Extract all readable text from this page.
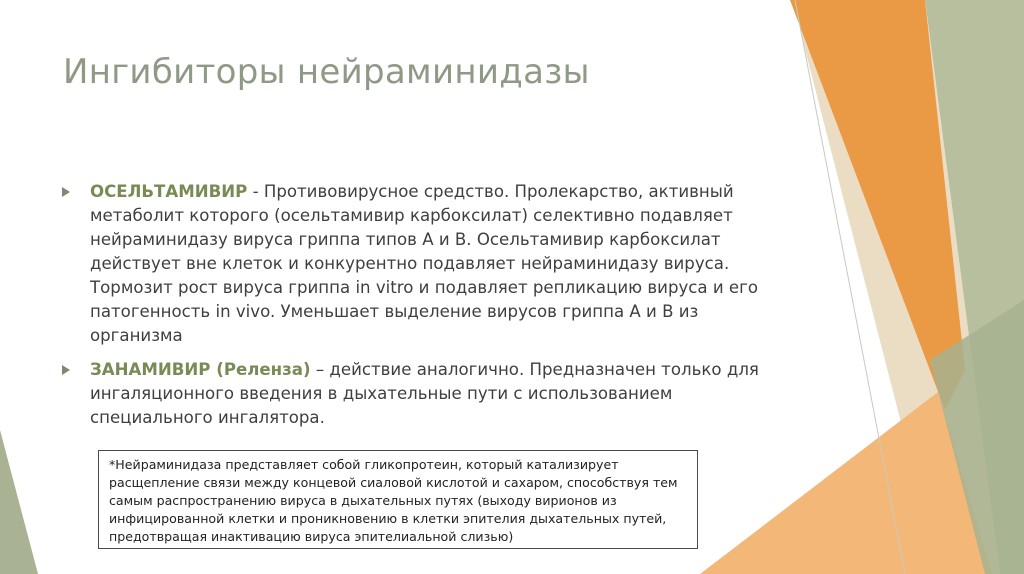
Ингибиторы нейраминидазы
ОСЕЛЬТАМИВИР - Противовирусное средство. Пролекарство, активный метаболит которого (осельтамивир карбоксилат) селективно подавляет нейраминидазу вируса гриппа типов А и В. Осельтамивир карбоксилат действует вне клеток и конкурентно подавляет нейраминидазу вируса. Тормозит рост вируса гриппа in vitro и подавляет репликацию вируса и его патогенность in vivo. Уменьшает выделение вирусов гриппа А и В из организма
ЗАНАМИВИР (Реленза) – действие аналогично. Предназначен только для ингаляционного введения в дыхательные пути с использованием специального ингалятора.
*Нейраминидаза представляет собой гликопротеин, который катализирует расщепление связи между концевой сиаловой кислотой и сахаром, способствуя тем самым распространению вируса в дыхательных путях (выходу вирионов из инфицированной клетки и проникновению в клетки эпителия дыхательных путей, предотвращая инактивацию вируса эпителиальной слизью)
